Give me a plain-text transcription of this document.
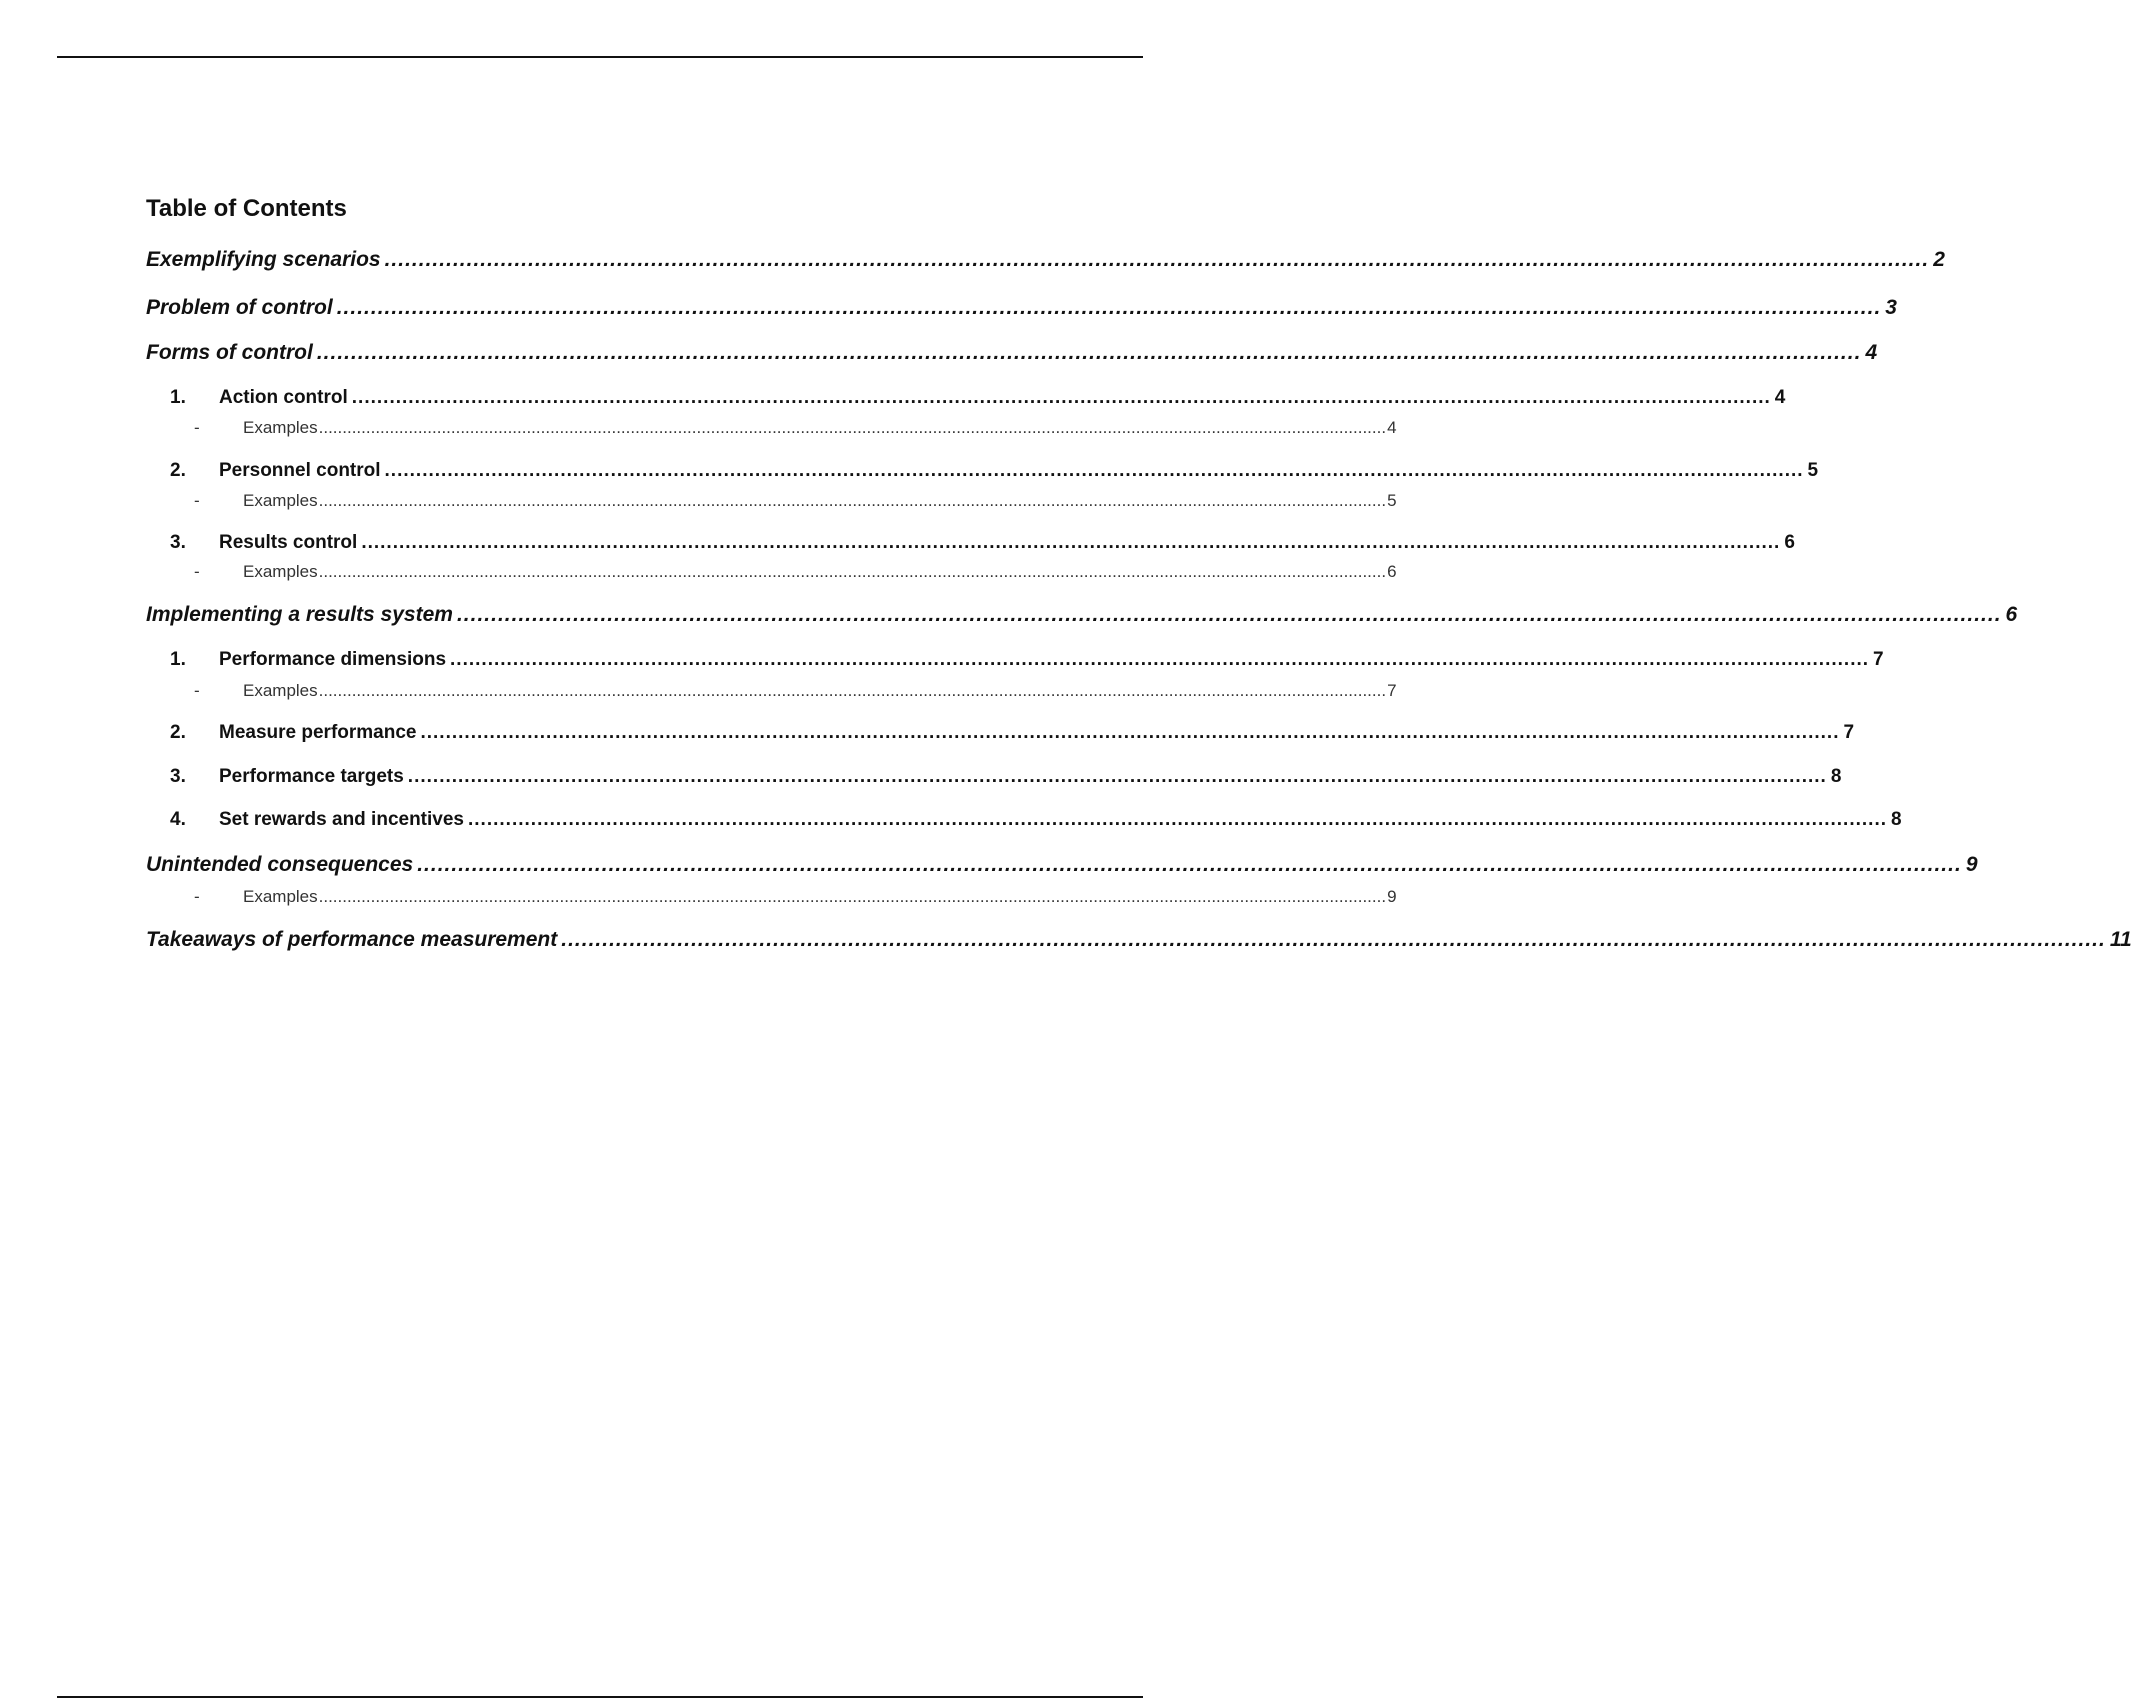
Table of Contents
Exemplifying scenarios .................................................................................................................................................................................................................................. 2
Problem of control .................................................................................................................................................................................................................................. 3
Forms of control .................................................................................................................................................................................................................................. 4
1. Action control .................................................................................................................................................................................................................................. 4
-	Examples .................................................................................................................................................................................................................................. 4
2. Personnel control .................................................................................................................................................................................................................................. 5
-	Examples .................................................................................................................................................................................................................................. 5
3. Results control .................................................................................................................................................................................................................................. 6
-	Examples .................................................................................................................................................................................................................................. 6
Implementing a results system .................................................................................................................................................................................................................................. 6
1. Performance dimensions .................................................................................................................................................................................................................................. 7
-	Examples .................................................................................................................................................................................................................................. 7
2. Measure performance .................................................................................................................................................................................................................................. 7
3. Performance targets .................................................................................................................................................................................................................................. 8
4. Set rewards and incentives .................................................................................................................................................................................................................................. 8
Unintended consequences .................................................................................................................................................................................................................................. 9
-	Examples .................................................................................................................................................................................................................................. 9
Takeaways of performance measurement .................................................................................................................................................................................................................................. 11
